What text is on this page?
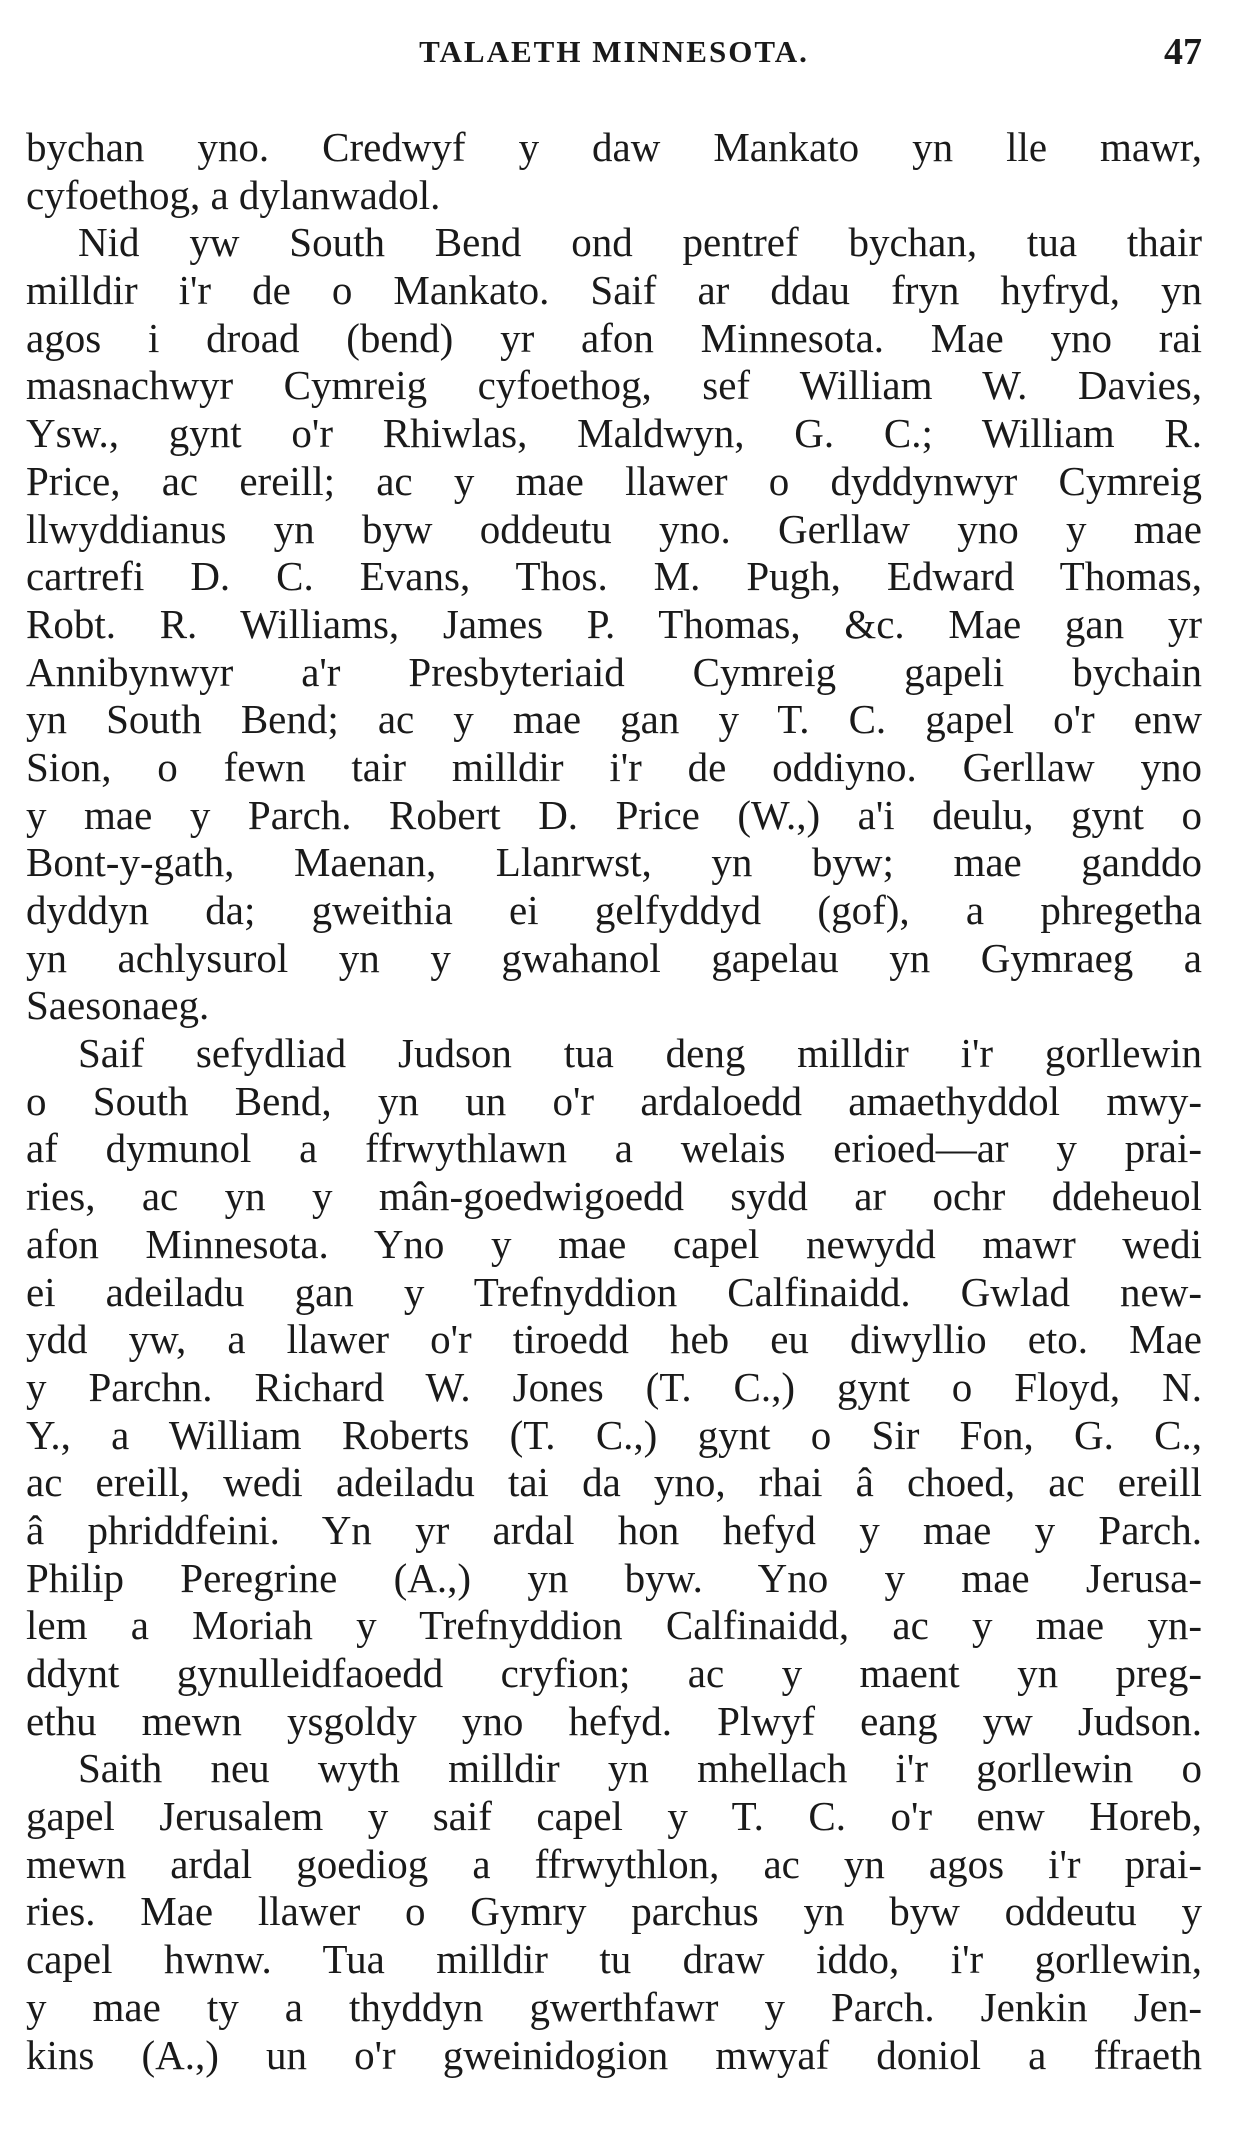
TALAETH MINNESOTA.	47
bychan yno. Credwyf y daw Mankato yn lle mawr,
cyfoethog, a dylanwadol.
Nid yw South Bend ond pentref bychan, tua thair
milldir i'r de o Mankato. Saif ar ddau fryn hyfryd, yn
agos i droad (bend) yr afon Minnesota. Mae yno rai
masnachwyr Cymreig cyfoethog, sef William W. Davies,
Ysw., gynt o'r Rhiwlas, Maldwyn, G. C.; William R.
Price, ac ereill; ac y mae llawer o dyddynwyr Cymreig
llwyddianus yn byw oddeutu yno. Gerllaw yno y mae
cartrefi D. C. Evans, Thos. M. Pugh, Edward Thomas,
Robt. R. Williams, James P. Thomas, &c. Mae gan yr
Annibynwyr a'r Presbyteriaid Cymreig gapeli bychain
yn South Bend; ac y mae gan y T. C. gapel o'r enw
Sion, o fewn tair milldir i'r de oddiyno. Gerllaw yno
y mae y Parch. Robert D. Price (W.,) a'i deulu, gynt o
Bont-y-gath, Maenan, Llanrwst, yn byw; mae ganddo
dyddyn da; gweithia ei gelfyddyd (gof), a phregetha
yn achlysurol yn y gwahanol gapelau yn Gymraeg a
Saesonaeg.
Saif sefydliad Judson tua deng milldir i'r gorllewin
o South Bend, yn un o'r ardaloedd amaethyddol mwy-
af dymunol a ffrwythlawn a welais erioed—ar y prai-
ries, ac yn y mân-goedwigoedd sydd ar ochr ddeheuol
afon Minnesota. Yno y mae capel newydd mawr wedi
ei adeiladu gan y Trefnyddion Calfinaidd. Gwlad new-
ydd yw, a llawer o'r tiroedd heb eu diwyllio eto. Mae
y Parchn. Richard W. Jones (T. C.,) gynt o Floyd, N.
Y., a William Roberts (T. C.,) gynt o Sir Fon, G. C.,
ac ereill, wedi adeiladu tai da yno, rhai â choed, ac ereill
â phriddfeini. Yn yr ardal hon hefyd y mae y Parch.
Philip Peregrine (A.,) yn byw. Yno y mae Jerusa-
lem a Moriah y Trefnyddion Calfinaidd, ac y mae yn-
ddynt gynulleidfaoedd cryfion; ac y maent yn preg-
ethu mewn ysgoldy yno hefyd. Plwyf eang yw Judson.
Saith neu wyth milldir yn mhellach i'r gorllewin o
gapel Jerusalem y saif capel y T. C. o'r enw Horeb,
mewn ardal goediog a ffrwythlon, ac yn agos i'r prai-
ries. Mae llawer o Gymry parchus yn byw oddeutu y
capel hwnw. Tua milldir tu draw iddo, i'r gorllewin,
y mae ty a thyddyn gwerthfawr y Parch. Jenkin Jen-
kins (A.,) un o'r gweinidogion mwyaf doniol a ffraeth
